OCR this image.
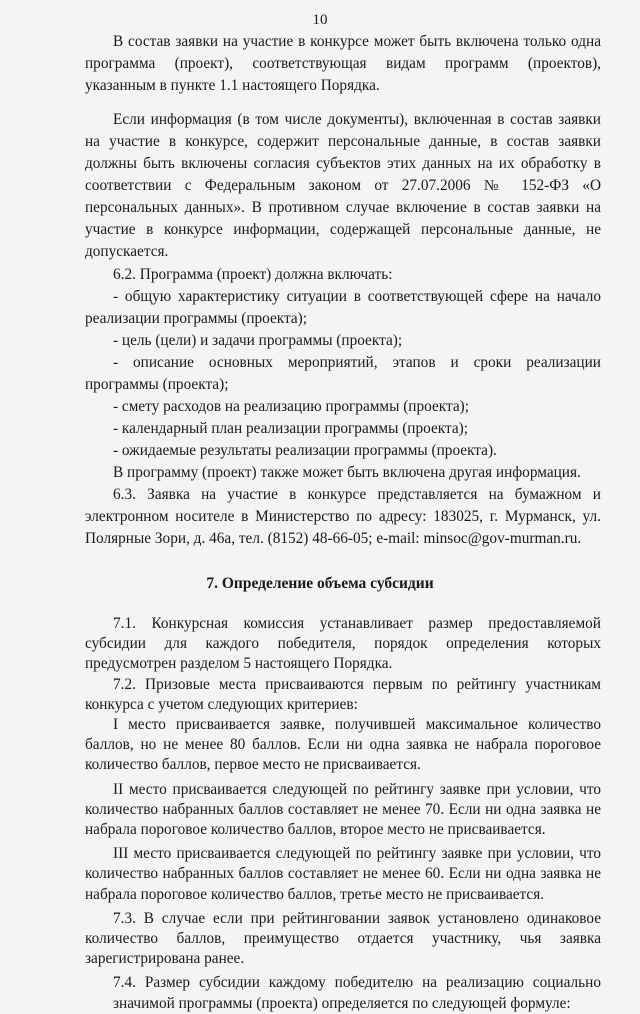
10

В состав заявки на участие в конкурсе может быть включена только одна

программа (проект), соответствующая видам программ (проектов),

указанным в пункте 1.1 настоящего Порядка.

Если информация (в том числе документы), включенная в состав заявки

на участие в конкурсе, содержит персональные данные, в состав заявки

должны быть включены согласия субъектов этих данных на их обработку в

соответствии с Федеральным законом от 27.07.2006 № 152-ФЗ «О

персональных данных». В противном случае включение в состав заявки на

участие в конкурсе информации, содержащей персональные данные, не

допускается.

6.2. Программа (проект) должна включать:

- общую характеристику ситуации в соответствующей сфере на начало

реализации программы (проекта);

- цель (цели) и задачи программы (проекта);

- описание основных мероприятий, этапов и сроки реализации

программы (проекта);

- смету расходов на реализацию программы (проекта);

- календарный план реализации программы (проекта);

- ожидаемые результаты реализации программы (проекта).

В программу (проект) также может быть включена другая информация.

6.3. Заявка на участие в конкурсе представляется на бумажном и

электронном носителе в Министерство по адресу: 183025, г. Мурманск, ул.

Полярные Зори, д. 46а, тел. (8152) 48-66-05; e-mail: minsoc@gov-murman.ru.

7. Определение объема субсидии

7.1. Конкурсная комиссия устанавливает размер предоставляемой

субсидии для каждого победителя, порядок определения которых

предусмотрен разделом 5 настоящего Порядка.

7.2. Призовые места присваиваются первым по рейтингу участникам

конкурса с учетом следующих критериев:

I место присваивается заявке, получившей максимальное количество

баллов, но не менее 80 баллов. Если ни одна заявка не набрала пороговое

количество баллов, первое место не присваивается.

II место присваивается следующей по рейтингу заявке при условии, что

количество набранных баллов составляет не менее 70. Если ни одна заявка не

набрала пороговое количество баллов, второе место не присваивается.

III место присваивается следующей по рейтингу заявке при условии, что

количество набранных баллов составляет не менее 60. Если ни одна заявка не

набрала пороговое количество баллов, третье место не присваивается.

7.3. В случае если при рейтинговании заявок установлено одинаковое

количество баллов, преимущество отдается участнику, чья заявка

зарегистрирована ранее.

7.4. Размер субсидии каждому победителю на реализацию социально

значимой программы (проекта) определяется по следующей формуле:
